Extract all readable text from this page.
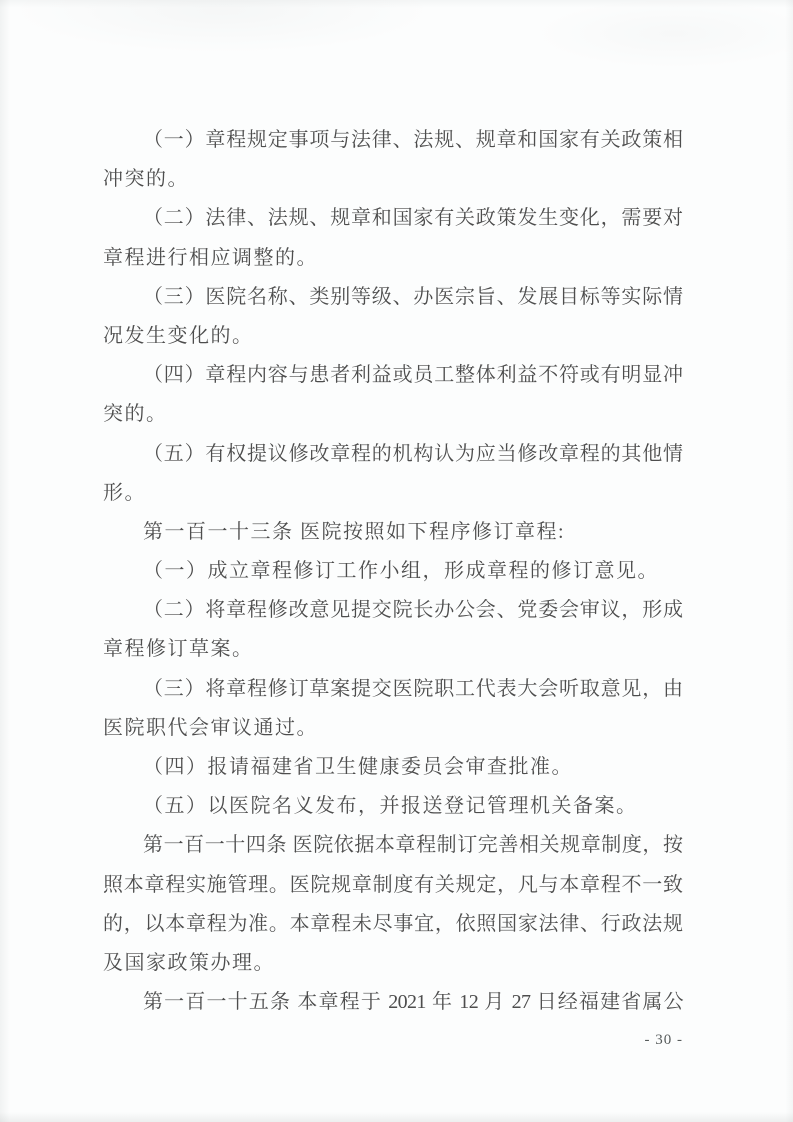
（一）章程规定事项与法律、法规、规章和国家有关政策相
冲突的。
（二）法律、法规、规章和国家有关政策发生变化，需要对
章程进行相应调整的。
（三）医院名称、类别等级、办医宗旨、发展目标等实际情
况发生变化的。
（四）章程内容与患者利益或员工整体利益不符或有明显冲
突的。
（五）有权提议修改章程的机构认为应当修改章程的其他情
形。
第一百一十三条 医院按照如下程序修订章程:
（一）成立章程修订工作小组，形成章程的修订意见。
（二）将章程修改意见提交院长办公会、党委会审议，形成
章程修订草案。
（三）将章程修订草案提交医院职工代表大会听取意见，由
医院职代会审议通过。
（四）报请福建省卫生健康委员会审查批准。
（五）以医院名义发布，并报送登记管理机关备案。
第一百一十四条 医院依据本章程制订完善相关规章制度，按
照本章程实施管理。医院规章制度有关规定，凡与本章程不一致
的，以本章程为准。本章程未尽事宜，依照国家法律、行政法规
及国家政策办理。
第一百一十五条 本章程于 2021 年 12 月 27 日经福建省属公
- 30 -
